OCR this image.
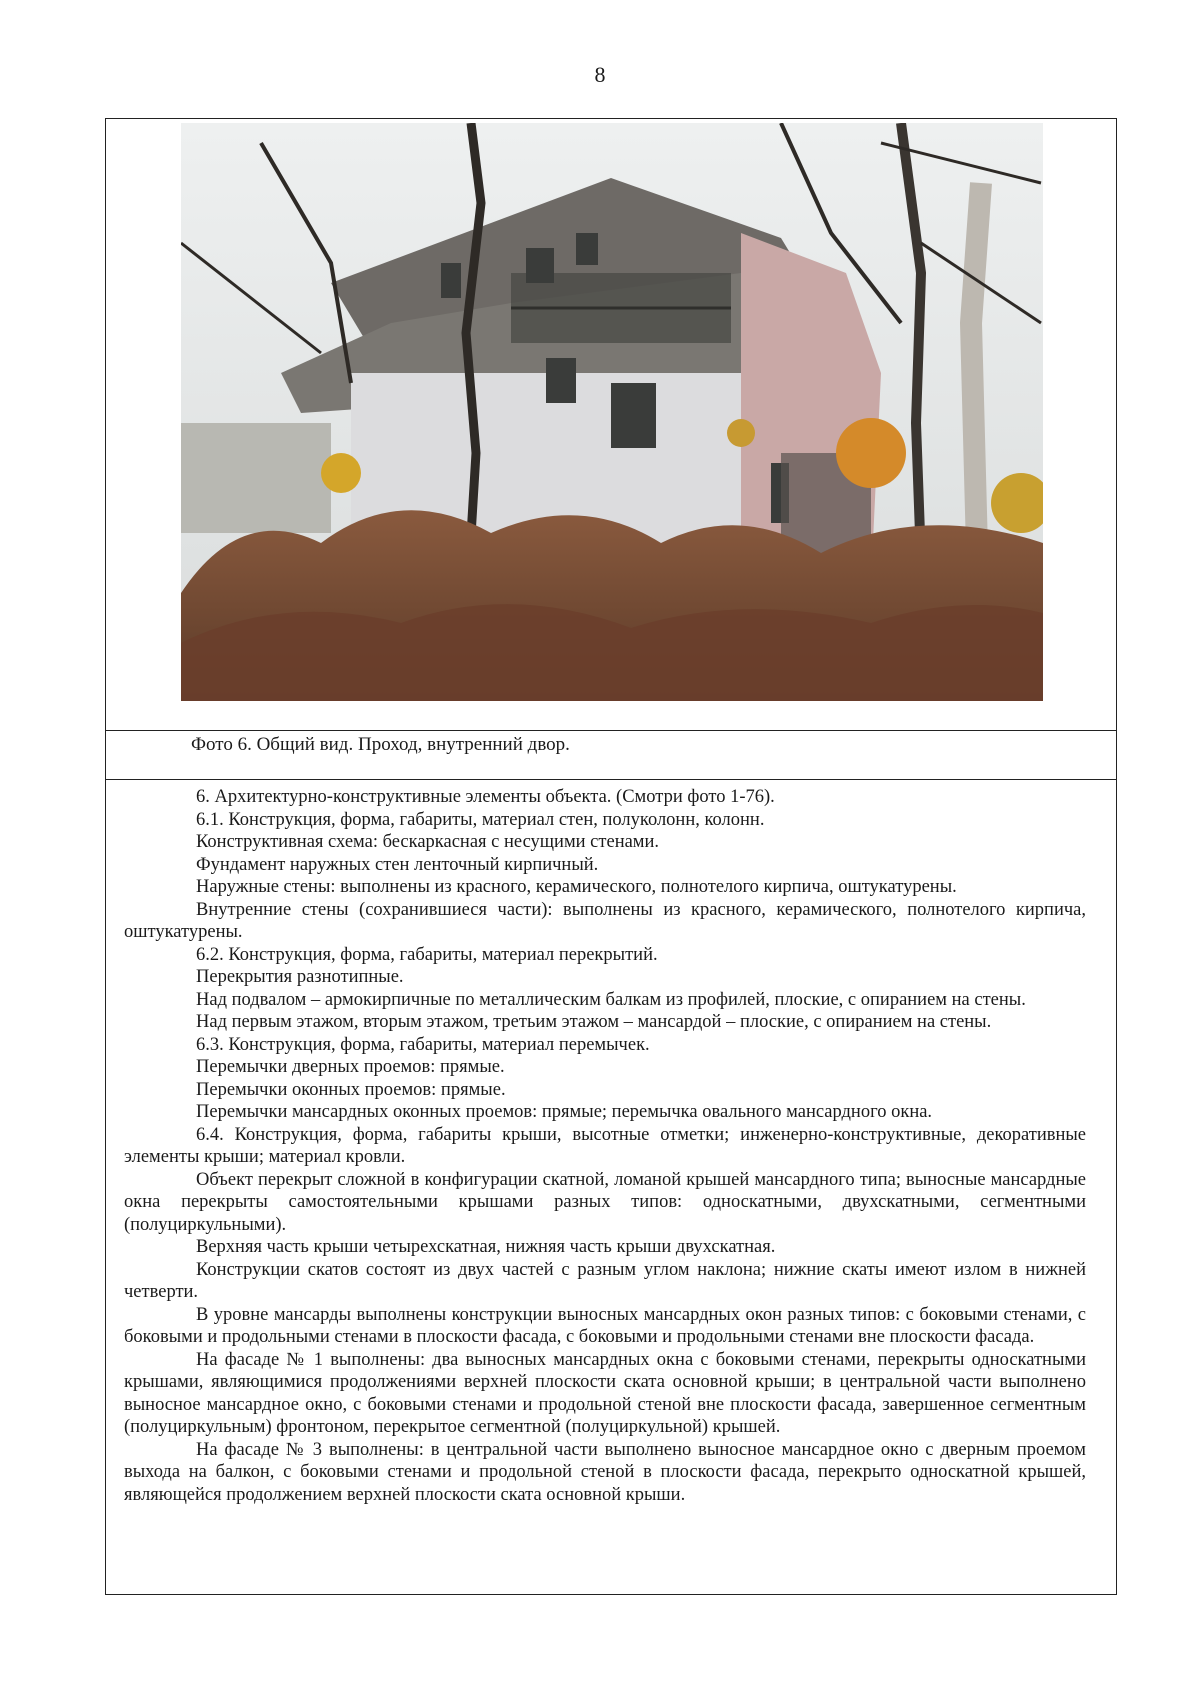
8
Фото 6. Общий вид. Проход, внутренний двор.

6. Архитектурно-конструктивные элементы объекта. (Смотри фото 1-76).

6.1. Конструкция, форма, габариты, материал стен, полуколонн, колонн.

Конструктивная схема: бескаркасная с несущими стенами.

Фундамент наружных стен ленточный кирпичный.

Наружные стены: выполнены из красного, керамического, полнотелого кирпича, оштукатурены.

Внутренние стены (сохранившиеся части): выполнены из красного, керамического, полнотелого кирпича, оштукатурены.

6.2. Конструкция, форма, габариты, материал перекрытий.

Перекрытия разнотипные.

Над подвалом – армокирпичные по металлическим балкам из профилей, плоские, с опиранием на стены.

Над первым этажом, вторым этажом, третьим этажом – мансардой – плоские, с опиранием на стены.

6.3. Конструкция, форма, габариты, материал перемычек.

Перемычки дверных проемов: прямые.

Перемычки оконных проемов: прямые.

Перемычки мансардных оконных проемов: прямые; перемычка овального мансардного окна.

6.4. Конструкция, форма, габариты крыши, высотные отметки; инженерно-конструктивные, декоративные элементы крыши; материал кровли.

Объект перекрыт сложной в конфигурации скатной, ломаной крышей мансардного типа; выносные мансардные окна перекрыты самостоятельными крышами разных типов: односкатными, двухскатными, сегментными (полуциркульными).

Верхняя часть крыши четырехскатная, нижняя часть крыши двухскатная.

Конструкции скатов состоят из двух частей с разным углом наклона; нижние скаты имеют излом в нижней четверти.

В уровне мансарды выполнены конструкции выносных мансардных окон разных типов: с боковыми стенами, с боковыми и продольными стенами в плоскости фасада, с боковыми и продольными стенами вне плоскости фасада.

На фасаде № 1 выполнены: два выносных мансардных окна с боковыми стенами, перекрыты односкатными крышами, являющимися продолжениями верхней плоскости ската основной крыши; в центральной части выполнено выносное мансардное окно, с боковыми стенами и продольной стеной вне плоскости фасада, завершенное сегментным (полуциркульным) фронтоном, перекрытое сегментной (полуциркульной) крышей.

На фасаде № 3 выполнены: в центральной части выполнено выносное мансардное окно с дверным проемом выхода на балкон, с боковыми стенами и продольной стеной в плоскости фасада, перекрыто односкатной крышей, являющейся продолжением верхней плоскости ската основной крыши.
